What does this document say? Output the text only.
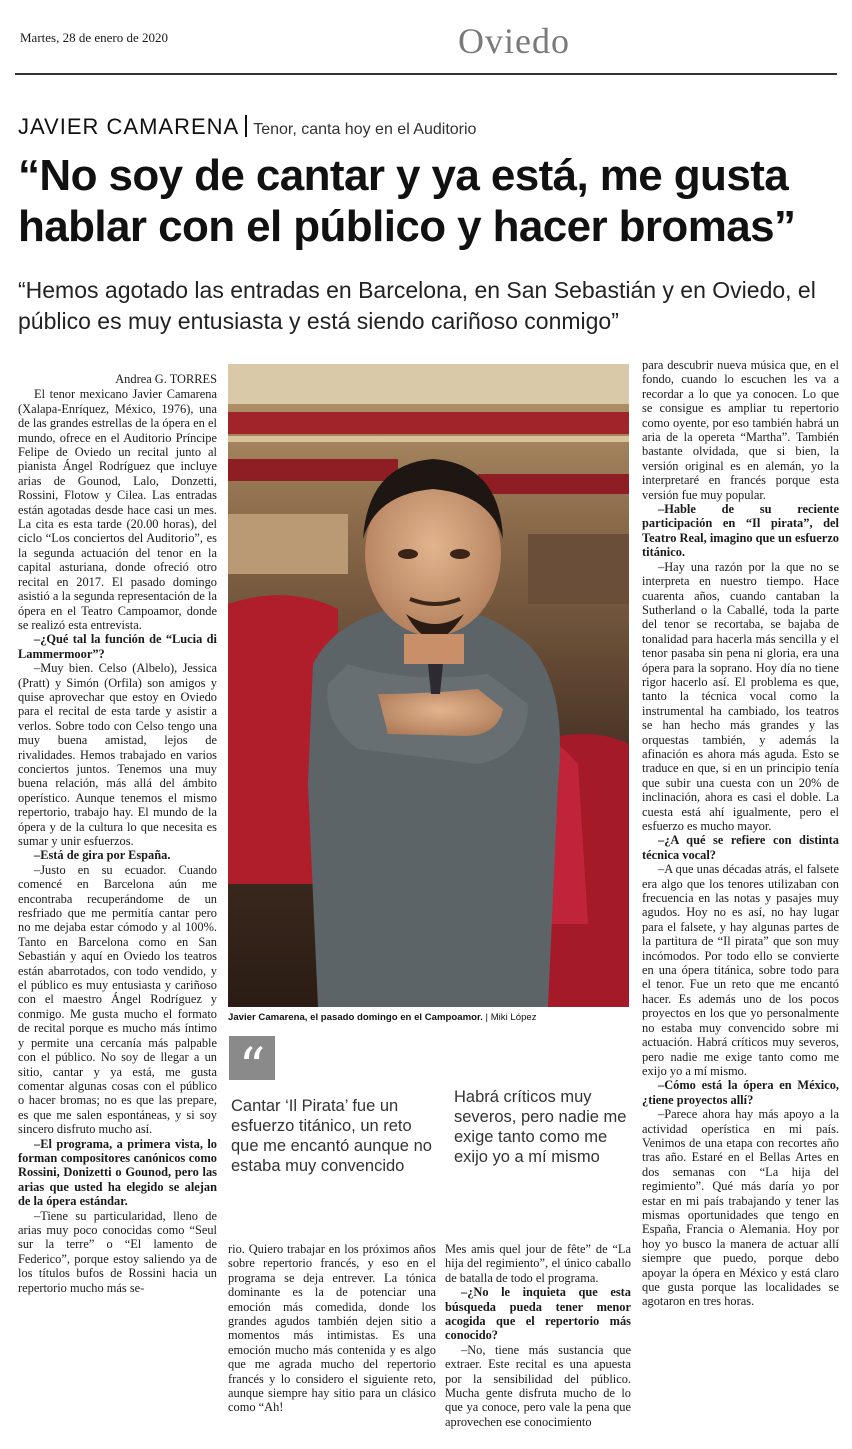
Martes, 28 de enero de 2020	Oviedo
JAVIER CAMARENA Tenor, canta hoy en el Auditorio
“No soy de cantar y ya está, me gusta hablar con el público y hacer bromas”
“Hemos agotado las entradas en Barcelona, en San Sebastián y en Oviedo, el público es muy entusiasta y está siendo cariñoso conmigo”
Andrea G. TORRES

El tenor mexicano Javier Camarena (Xalapa-Enríquez, México, 1976), una de las grandes estrellas de la ópera en el mundo, ofrece en el Auditorio Príncipe Felipe de Oviedo un recital junto al pianista Ángel Rodríguez que incluye arias de Gounod, Lalo, Donzetti, Rossini, Flotow y Cilea. Las entradas están agotadas desde hace casi un mes. La cita es esta tarde (20.00 horas), del ciclo “Los conciertos del Auditorio”, es la segunda actuación del tenor en la capital asturiana, donde ofreció otro recital en 2017. El pasado domingo asistió a la segunda representación de la ópera en el Teatro Campoamor, donde se realizó esta entrevista.

–¿Qué tal la función de “Lucia di Lammermoor”?

–Muy bien. Celso (Albelo), Jessica (Pratt) y Simón (Orfila) son amigos y quise aprovechar que estoy en Oviedo para el recital de esta tarde y asistir a verlos. Sobre todo con Celso tengo una muy buena amistad, lejos de rivalidades. Hemos trabajado en varios conciertos juntos. Tenemos una muy buena relación, más allá del ámbito operístico. Aunque tenemos el mismo repertorio, trabajo hay. El mundo de la ópera y de la cultura lo que necesita es sumar y unir esfuerzos.

–Está de gira por España.

–Justo en su ecuador. Cuando comencé en Barcelona aún me encontraba recuperándome de un resfriado que me permitía cantar pero no me dejaba estar cómodo y al 100%. Tanto en Barcelona como en San Sebastián y aquí en Oviedo los teatros están abarrotados, con todo vendido, y el público es muy entusiasta y cariñoso con el maestro Ángel Rodríguez y conmigo. Me gusta mucho el formato de recital porque es mucho más íntimo y permite una cercanía más palpable con el público. No soy de llegar a un sitio, cantar y ya está, me gusta comentar algunas cosas con el público o hacer bromas; no es que las prepare, es que me salen espontáneas, y si soy sincero disfruto mucho así.

–El programa, a primera vista, lo forman compositores canónicos como Rossini, Donizetti o Gounod, pero las arias que usted ha elegido se alejan de la ópera estándar.

–Tiene su particularidad, lleno de arias muy poco conocidas como “Seul sur la terre” o “El lamento de Federico”, porque estoy saliendo ya de los títulos bufos de Rossini hacia un repertorio mucho más se-

rio. Quiero trabajar en los próximos años sobre repertorio francés, y eso en el programa se deja entrever. La tónica dominante es la de potenciar una emoción más comedida, donde los grandes agudos también dejen sitio a momentos más intimistas. Es una emoción mucho más contenida y es algo que me agrada mucho del repertorio francés y lo considero el siguiente reto, aunque siempre hay sitio para un clásico como “Ah!

Mes amis quel jour de fête” de “La hija del regimiento”, el único caballo de batalla de todo el programa.

–¿No le inquieta que esta búsqueda pueda tener menor acogida que el repertorio más conocido?

–No, tiene más sustancia que extraer. Este recital es una apuesta por la sensibilidad del público. Mucha gente disfruta mucho de lo que ya conoce, pero vale la pena que aprovechen ese conocimiento

para descubrir nueva música que, en el fondo, cuando lo escuchen les va a recordar a lo que ya conocen. Lo que se consigue es ampliar tu repertorio como oyente, por eso también habrá un aria de la opereta “Martha”. También bastante olvidada, que si bien, la versión original es en alemán, yo la interpretaré en francés porque esta versión fue muy popular.

–Hable de su reciente participación en “Il pirata”, del Teatro Real, imagino que un esfuerzo titánico.

–Hay una razón por la que no se interpreta en nuestro tiempo. Hace cuarenta años, cuando cantaban la Sutherland o la Caballé, toda la parte del tenor se recortaba, se bajaba de tonalidad para hacerla más sencilla y el tenor pasaba sin pena ni gloria, era una ópera para la soprano. Hoy día no tiene rigor hacerlo así. El problema es que, tanto la técnica vocal como la instrumental ha cambiado, los teatros se han hecho más grandes y las orquestas también, y además la afinación es ahora más aguda. Esto se traduce en que, si en un principio tenía que subir una cuesta con un 20% de inclinación, ahora es casi el doble. La cuesta está ahí igualmente, pero el esfuerzo es mucho mayor.

–¿A qué se refiere con distinta técnica vocal?

–A que unas décadas atrás, el falsete era algo que los tenores utilizaban con frecuencia en las notas y pasajes muy agudos. Hoy no es así, no hay lugar para el falsete, y hay algunas partes de la partitura de “Il pirata” que son muy incómodos. Por todo ello se convierte en una ópera titánica, sobre todo para el tenor. Fue un reto que me encantó hacer. Es además uno de los pocos proyectos en los que yo personalmente no estaba muy convencido sobre mi actuación. Habrá críticos muy severos, pero nadie me exige tanto como me exijo yo a mí mismo.

–Cómo está la ópera en México, ¿tiene proyectos allí?

–Parece ahora hay más apoyo a la actividad operística en mi país. Venimos de una etapa con recortes año tras año. Estaré en el Bellas Artes en dos semanas con “La hija del regimiento”. Qué más daría yo por estar en mi país trabajando y tener las mismas oportunidades que tengo en España, Francia o Alemania. Hoy por hoy yo busco la manera de actuar allí siempre que puedo, porque debo apoyar la ópera en México y está claro que gusta porque las localidades se agotaron en tres horas.

Javier Camarena, el pasado domingo en el Campoamor. | Miki López
“
Cantar ‘Il Pirata’ fue un esfuerzo titánico, un reto que me encantó aunque no estaba muy convencido
Habrá críticos muy severos, pero nadie me exige tanto como me exijo yo a mí mismo
